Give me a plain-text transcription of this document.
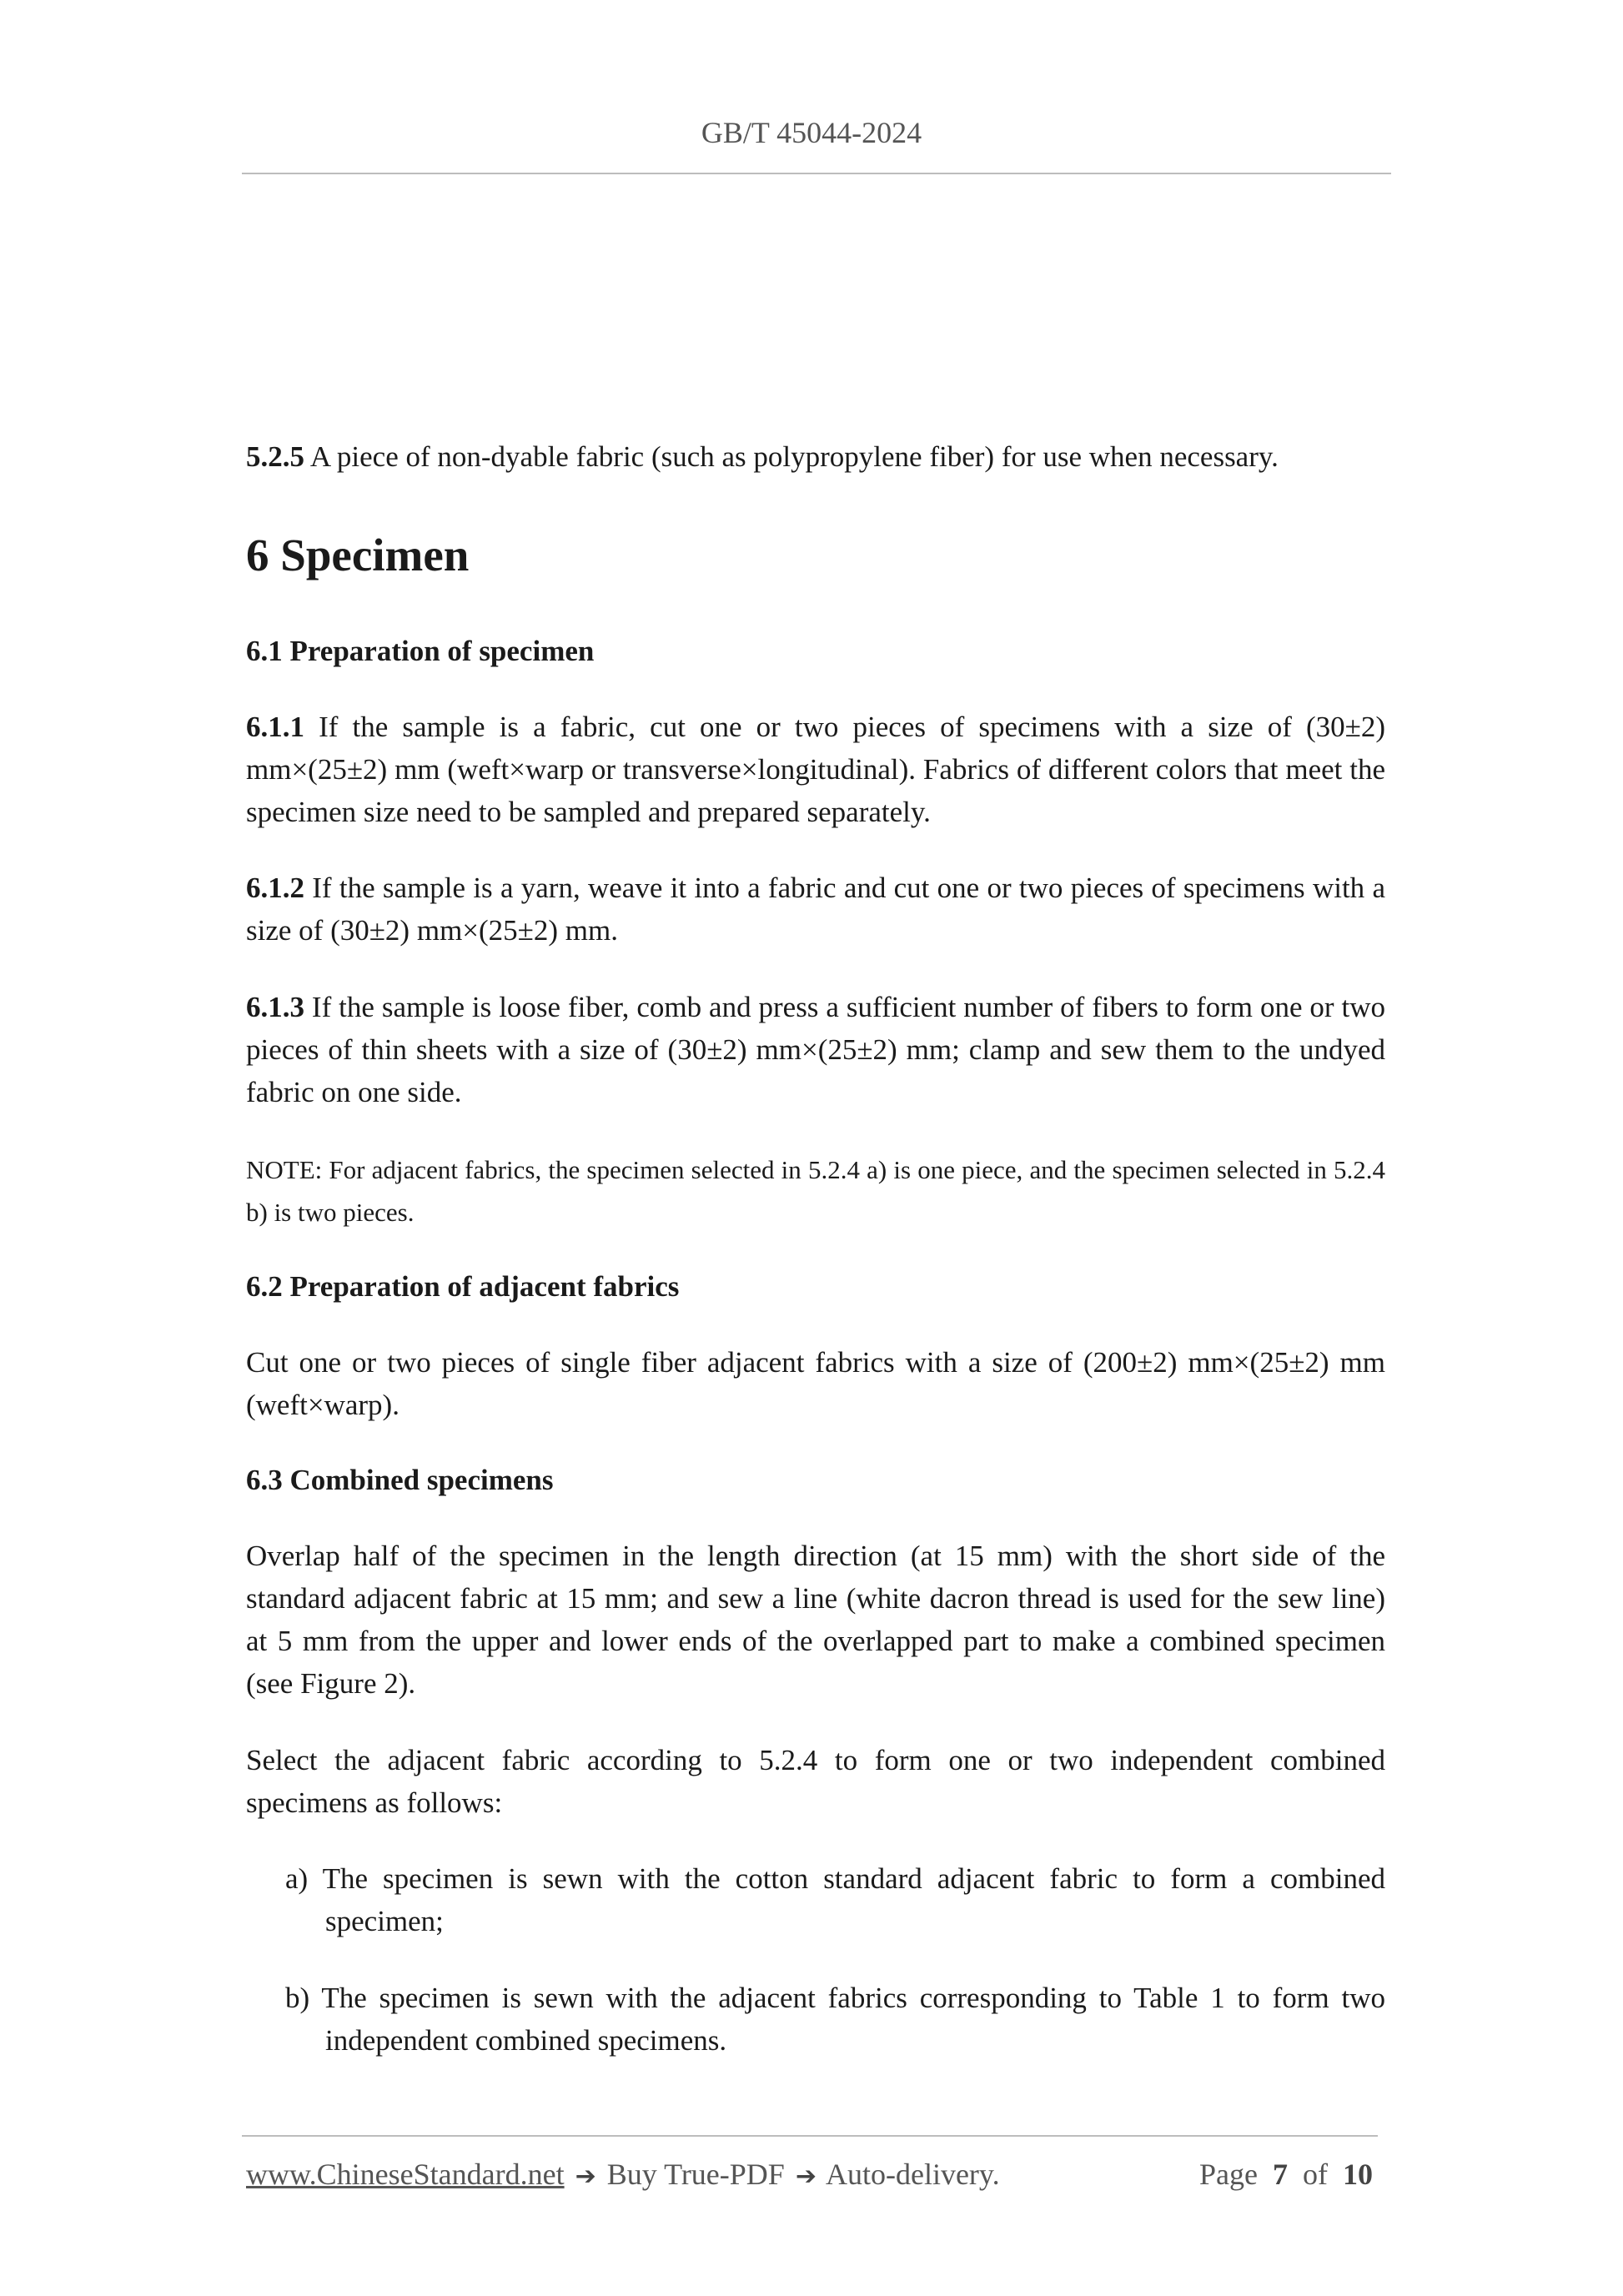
GB/T 45044-2024

5.2.5 A piece of non-dyable fabric (such as polypropylene fiber) for use when necessary.

6 Specimen
6.1 Preparation of specimen

6.1.1 If the sample is a fabric, cut one or two pieces of specimens with a size of (30±2) mm×(25±2) mm (weft×warp or transverse×longitudinal). Fabrics of different colors that meet the specimen size need to be sampled and prepared separately.

6.1.2 If the sample is a yarn, weave it into a fabric and cut one or two pieces of specimens with a size of (30±2) mm×(25±2) mm.

6.1.3 If the sample is loose fiber, comb and press a sufficient number of fibers to form one or two pieces of thin sheets with a size of (30±2) mm×(25±2) mm; clamp and sew them to the undyed fabric on one side.

NOTE: For adjacent fabrics, the specimen selected in 5.2.4 a) is one piece, and the specimen selected in 5.2.4 b) is two pieces.

6.2 Preparation of adjacent fabrics

Cut one or two pieces of single fiber adjacent fabrics with a size of (200±2) mm×(25±2) mm (weft×warp).

6.3 Combined specimens

Overlap half of the specimen in the length direction (at 15 mm) with the short side of the standard adjacent fabric at 15 mm; and sew a line (white dacron thread is used for the sew line) at 5 mm from the upper and lower ends of the overlapped part to make a combined specimen (see Figure 2).

Select the adjacent fabric according to 5.2.4 to form one or two independent combined specimens as follows:

a) The specimen is sewn with the cotton standard adjacent fabric to form a combined specimen;

b) The specimen is sewn with the adjacent fabrics corresponding to Table 1 to form two independent combined specimens.

www.ChineseStandard.net ➔ Buy True-PDF ➔ Auto-delivery.	Page 7 of 10
